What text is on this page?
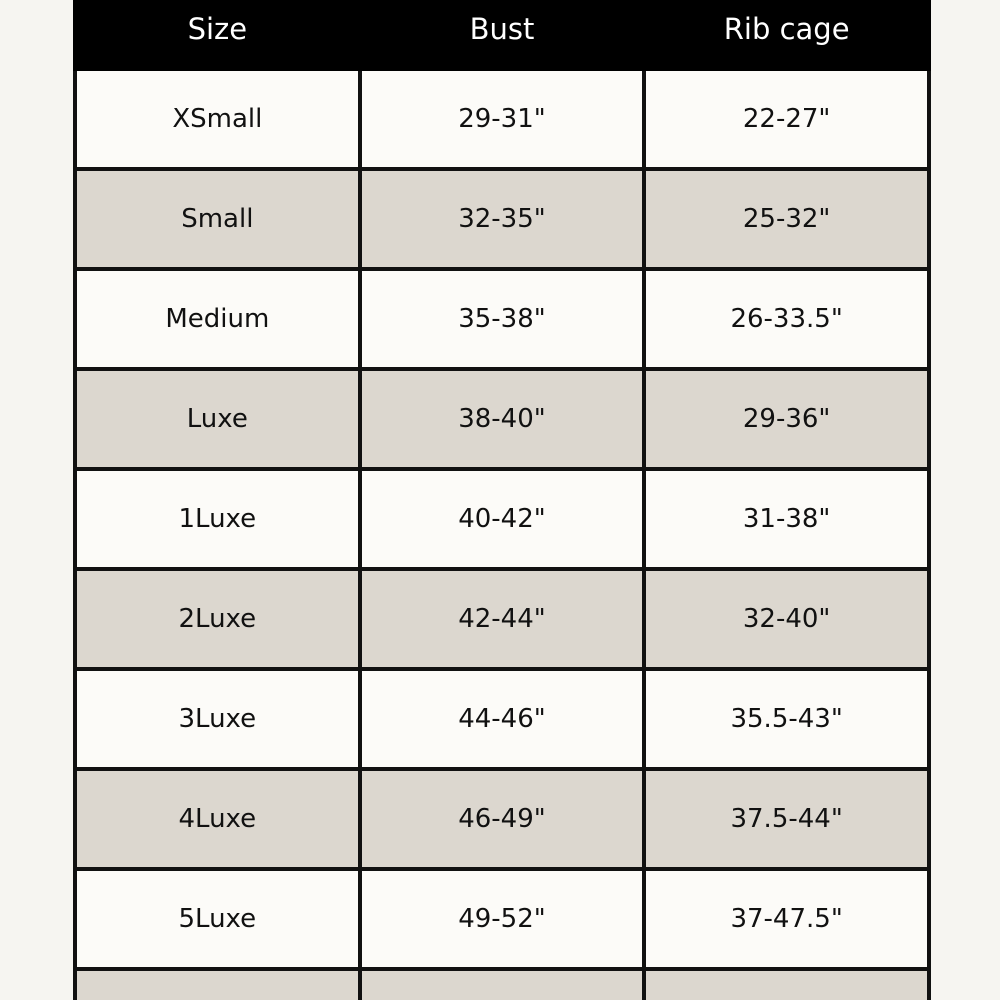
Size	Bust	Rib cage
XSmall	29-31"	22-27"
Small	32-35"	25-32"
Medium	35-38"	26-33.5"
Luxe	38-40"	29-36"
1Luxe	40-42"	31-38"
2Luxe	42-44"	32-40"
3Luxe	44-46"	35.5-43"
4Luxe	46-49"	37.5-44"
5Luxe	49-52"	37-47.5"
